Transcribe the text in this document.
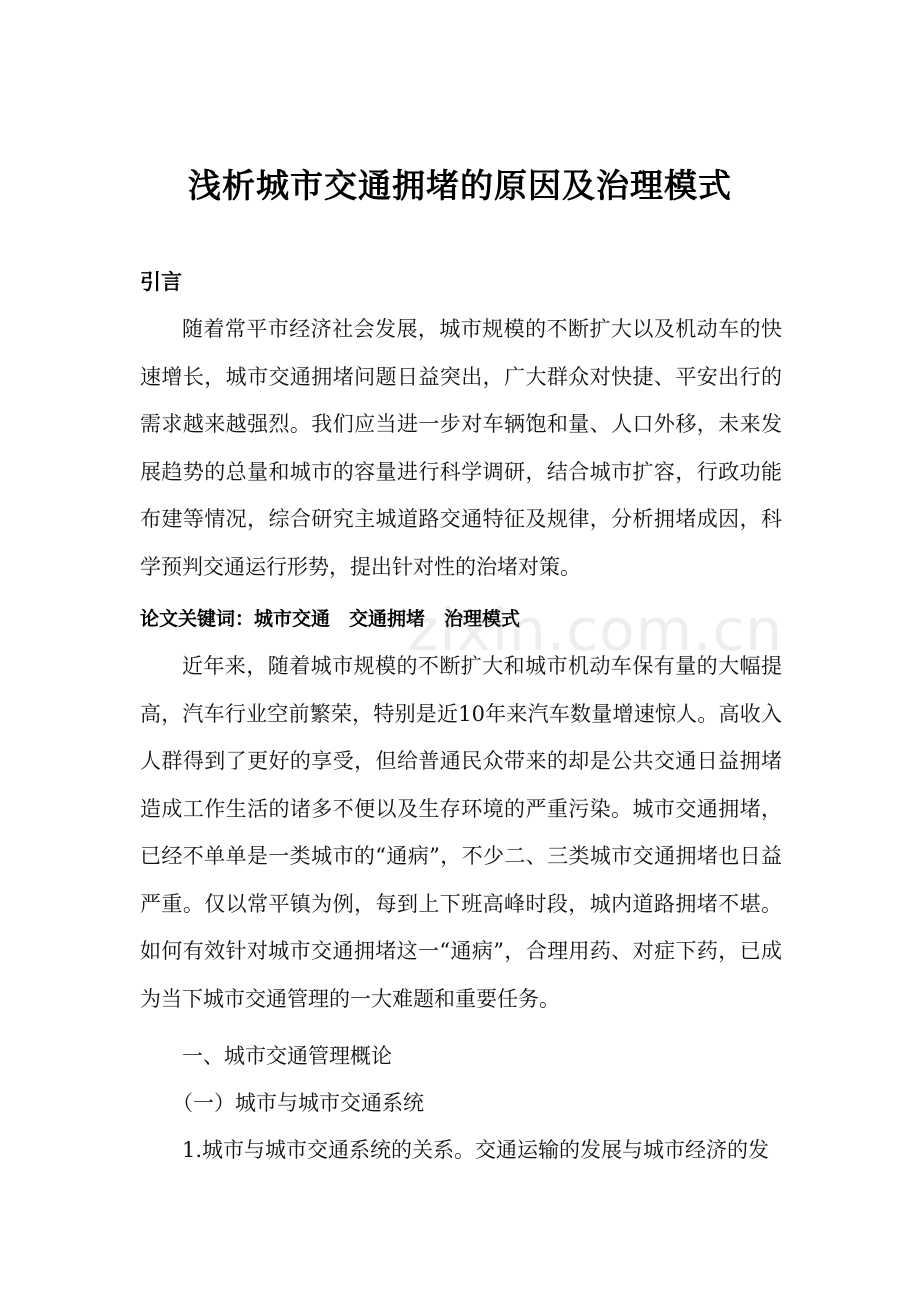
浅析城市交通拥堵的原因及治理模式
引言

随着常平市经济社会发展，城市规模的不断扩大以及机动车的快速增长，城市交通拥堵问题日益突出，广大群众对快捷、平安出行的需求越来越强烈。我们应当进一步对车辆饱和量、人口外移，未来发展趋势的总量和城市的容量进行科学调研，结合城市扩容，行政功能布建等情况，综合研究主城道路交通特征及规律，分析拥堵成因，科学预判交通运行形势，提出针对性的治堵对策。

论文关键词：城市交通　交通拥堵　治理模式

近年来，随着城市规模的不断扩大和城市机动车保有量的大幅提高，汽车行业空前繁荣，特别是近10年来汽车数量增速惊人。高收入人群得到了更好的享受，但给普通民众带来的却是公共交通日益拥堵造成工作生活的诸多不便以及生存环境的严重污染。城市交通拥堵，已经不单单是一类城市的“通病”，不少二、三类城市交通拥堵也日益严重。仅以常平镇为例，每到上下班高峰时段，城内道路拥堵不堪。如何有效针对城市交通拥堵这一“通病”，合理用药、对症下药，已成为当下城市交通管理的一大难题和重要任务。

一、城市交通管理概论
（一）城市与城市交通系统
1.城市与城市交通系统的关系。交通运输的发展与城市经济的发
zixin.com.cn
